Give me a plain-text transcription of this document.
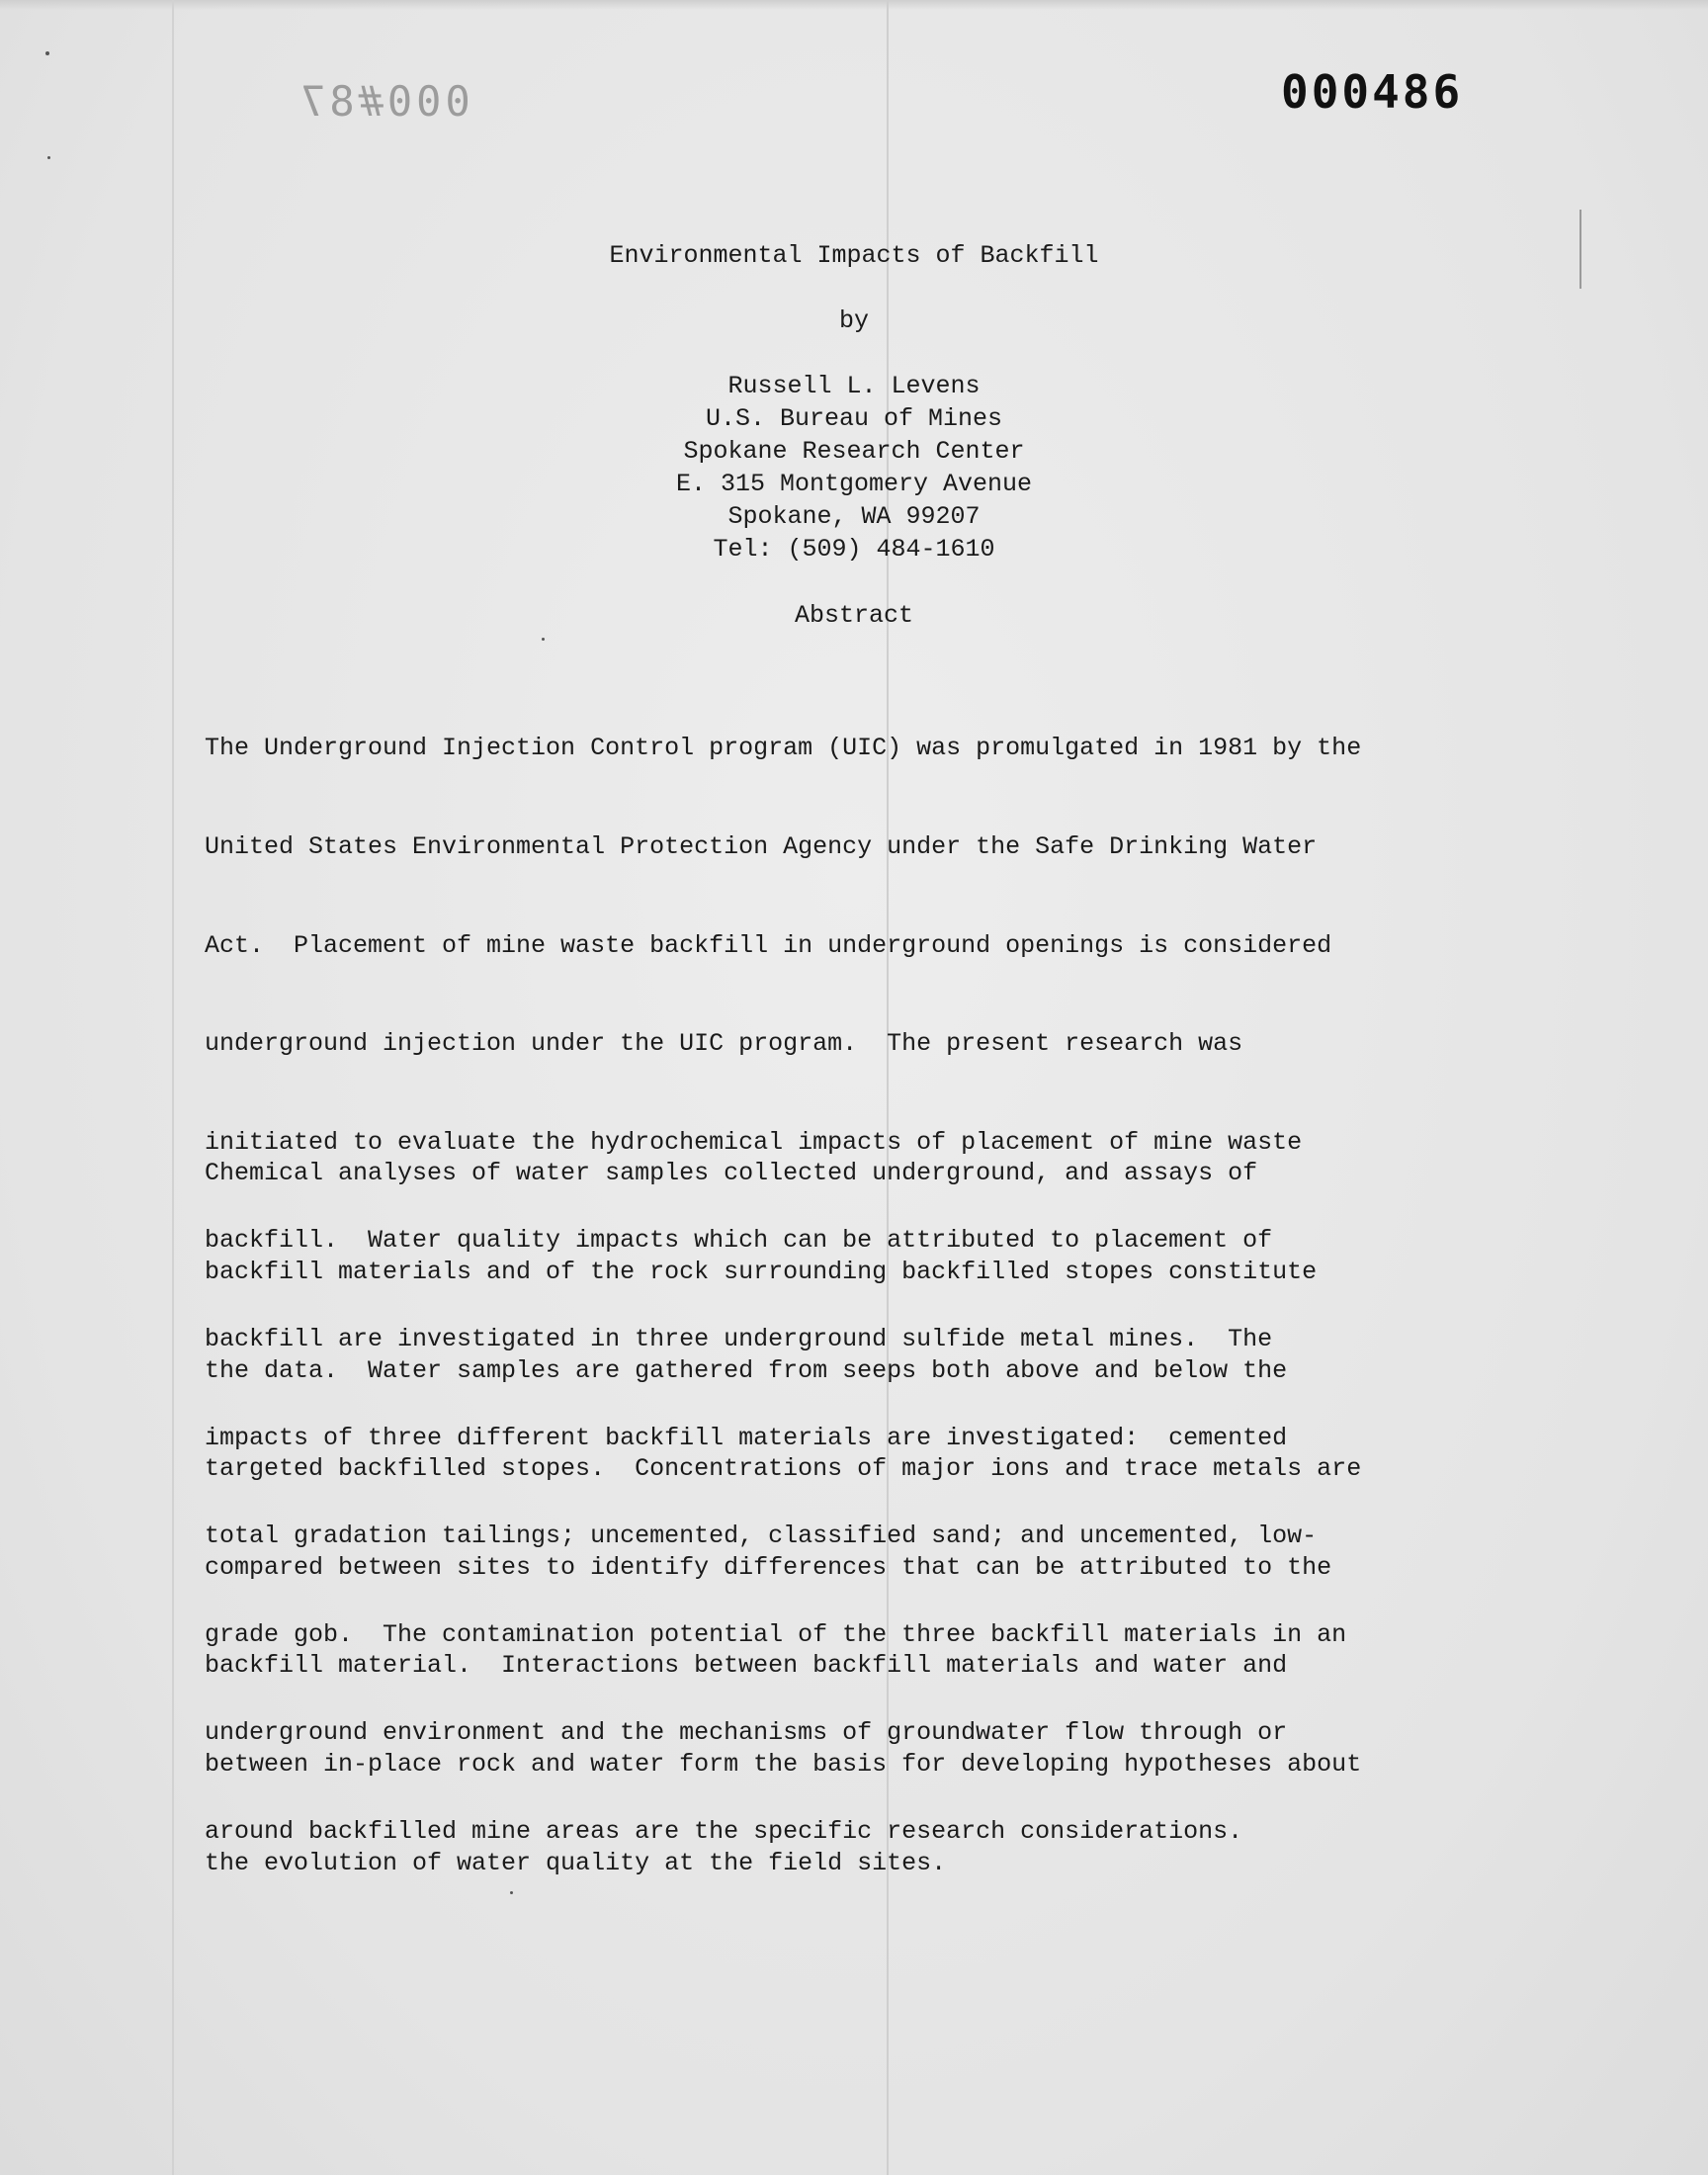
000#87	000486
Environmental Impacts of Backfill
by
Russell L. Levens
U.S. Bureau of Mines
Spokane Research Center
E. 315 Montgomery Avenue
Spokane, WA 99207
Tel: (509) 484-1610
Abstract

The Underground Injection Control program (UIC) was promulgated in 1981 by the

United States Environmental Protection Agency under the Safe Drinking Water

Act.  Placement of mine waste backfill in underground openings is considered

underground injection under the UIC program.  The present research was

initiated to evaluate the hydrochemical impacts of placement of mine waste

backfill.  Water quality impacts which can be attributed to placement of

backfill are investigated in three underground sulfide metal mines.  The

impacts of three different backfill materials are investigated:  cemented

total gradation tailings; uncemented, classified sand; and uncemented, low-

grade gob.  The contamination potential of the three backfill materials in an

underground environment and the mechanisms of groundwater flow through or

around backfilled mine areas are the specific research considerations.

Chemical analyses of water samples collected underground, and assays of

backfill materials and of the rock surrounding backfilled stopes constitute

the data.  Water samples are gathered from seeps both above and below the

targeted backfilled stopes.  Concentrations of major ions and trace metals are

compared between sites to identify differences that can be attributed to the

backfill material.  Interactions between backfill materials and water and

between in-place rock and water form the basis for developing hypotheses about

the evolution of water quality at the field sites.
